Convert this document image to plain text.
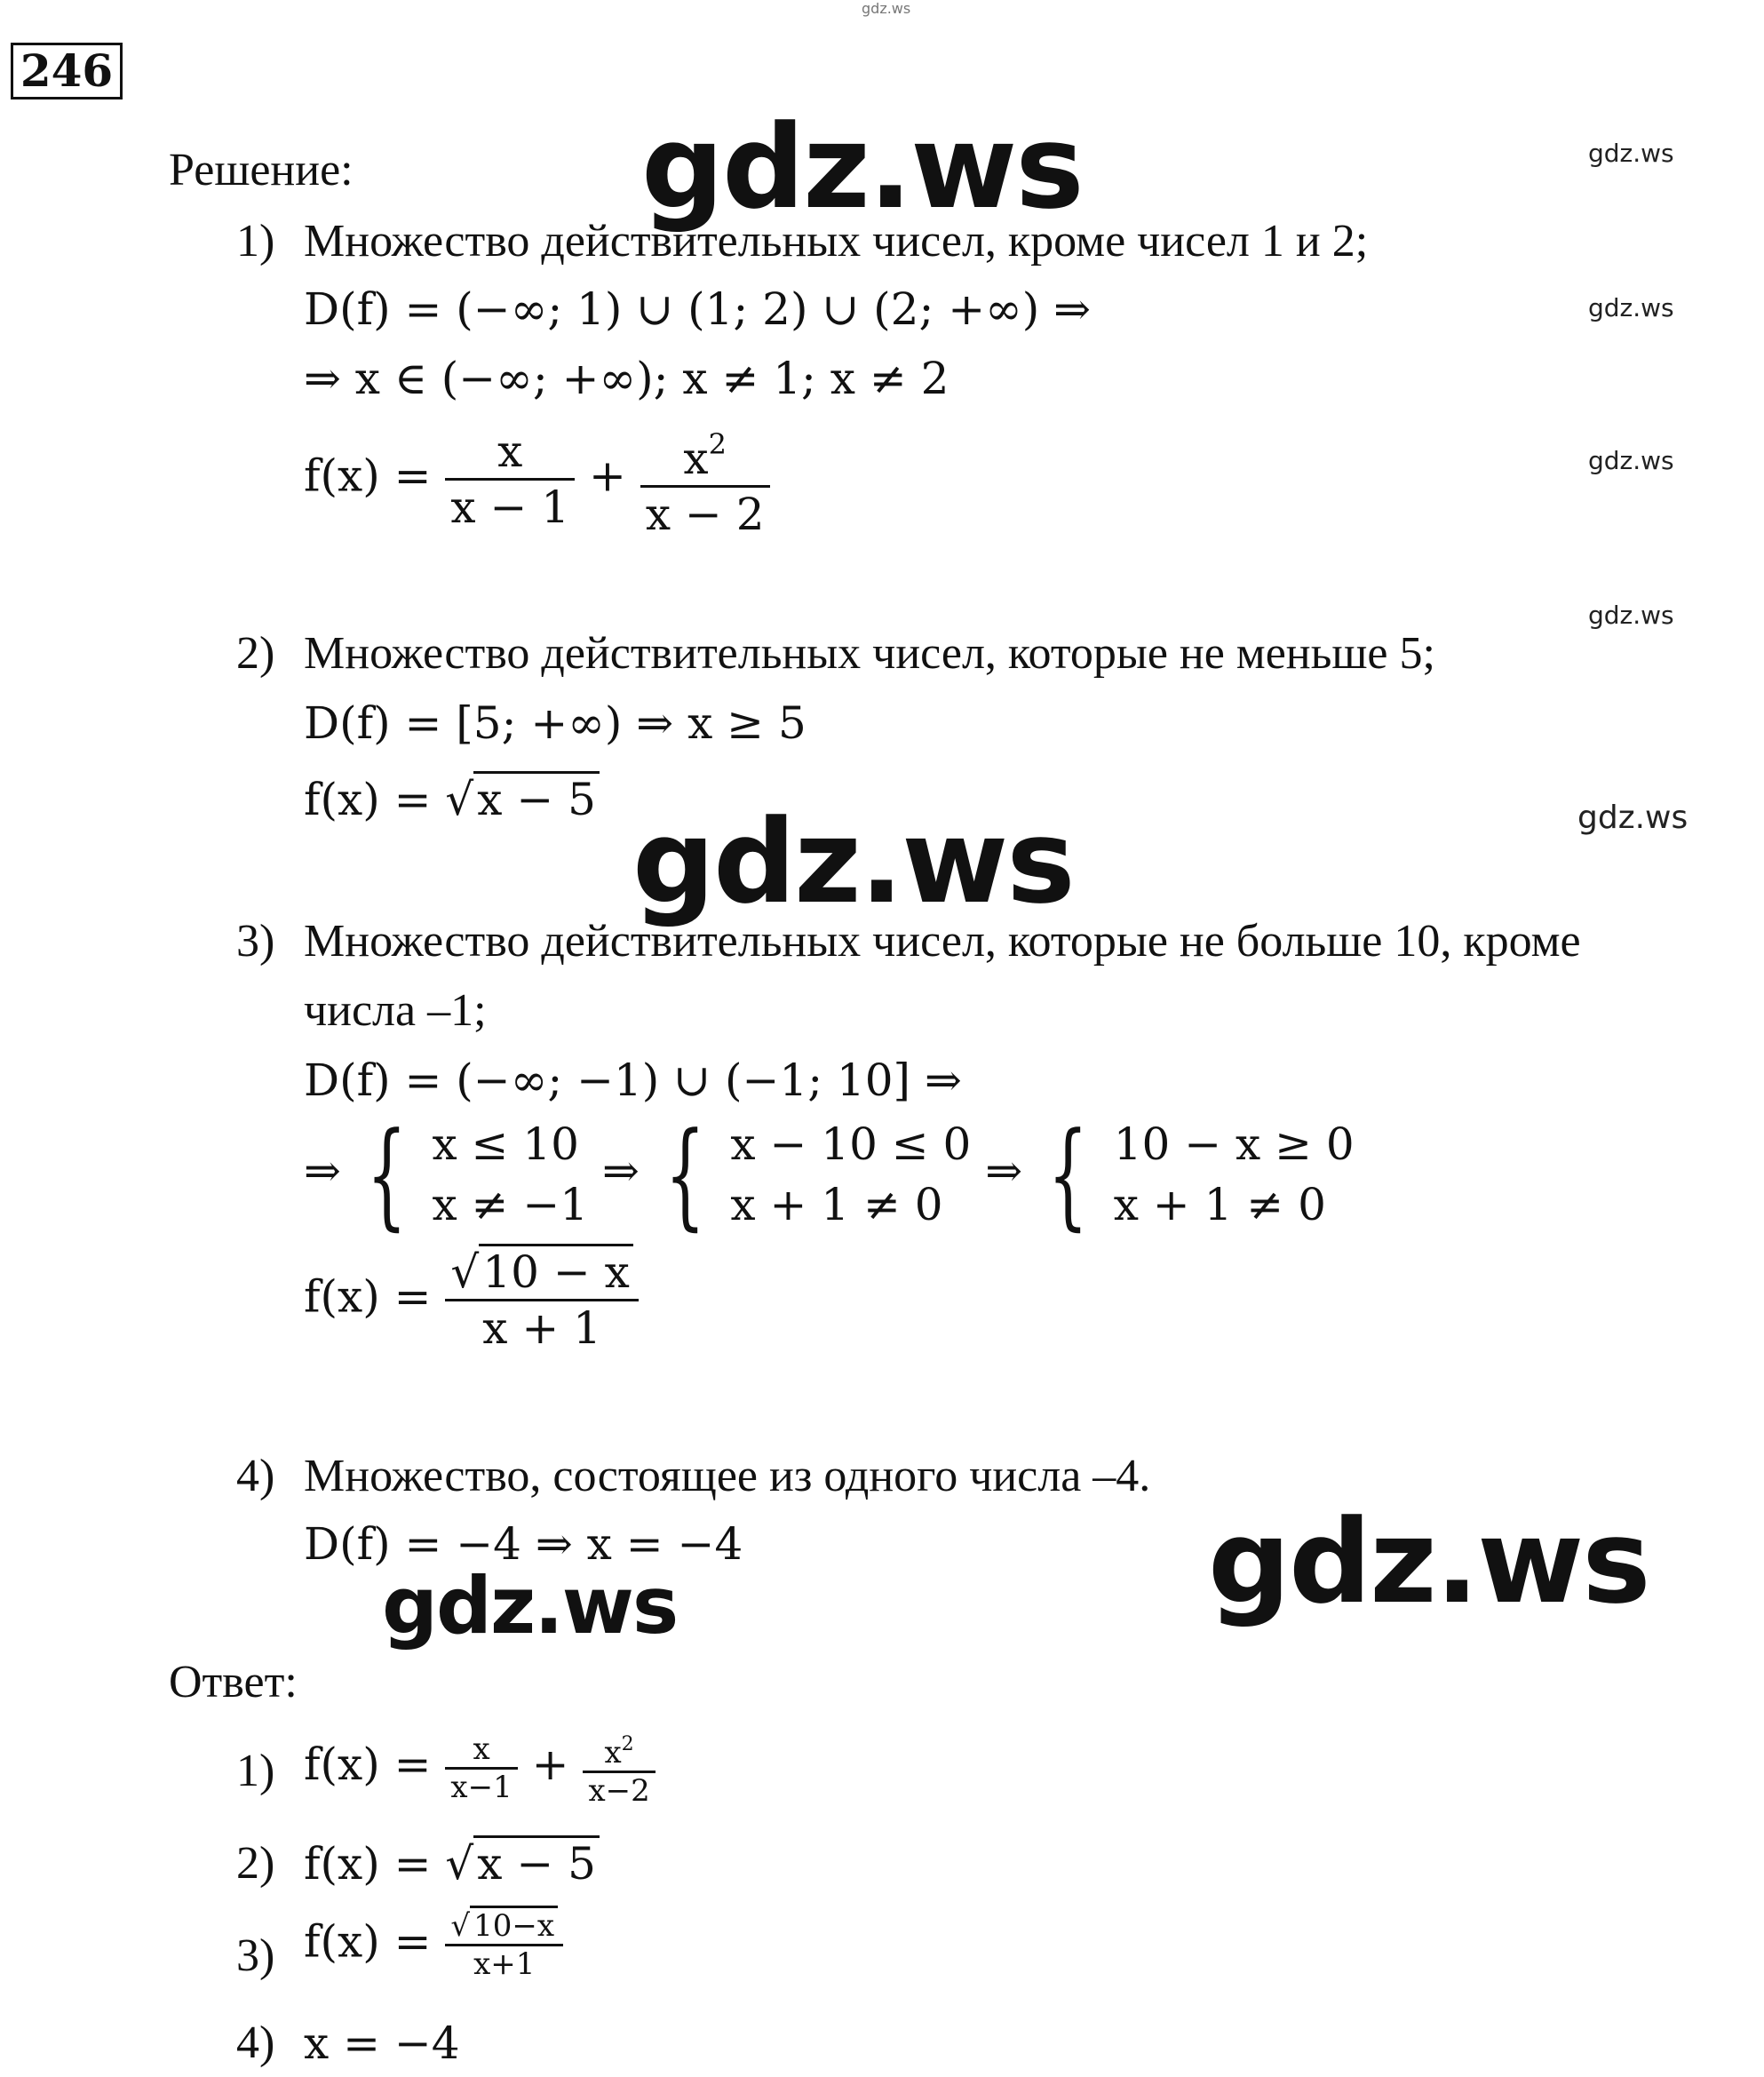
gdz.ws
246
Решение: gdz.ws
gdz.ws
gdz.ws
gdz.ws
gdz.ws
gdz.ws
gdz.ws
gdz.ws
gdz.ws
1) Множество действительных чисел, кроме чисел 1 и 2;
D(f) = (−∞; 1) ∪ (1; 2) ∪ (2; +∞) ⇒
⇒ x ∈ (−∞; +∞); x ≠ 1; x ≠ 2
$f(x) = \frac{x}{x - 1} + \frac{x^2}{x - 2}$
2) Множество действительных чисел, которые не меньше 5;
D(f) = [5; +∞) ⇒ x ≥ 5
f(x) = √x − 5
3) Множество действительных чисел, которые не больше 10, кроме
числа –1;
D(f) = (−∞; −1) ∪ (−1; 10] ⇒
⇒ { x ≤ 10
x ≠ −1
⇒ { x − 10 ≤ 0
x + 1 ≠ 0
⇒ { 10 − x ≥ 0
x + 1 ≠ 0
$f(x) = \frac{√10 - x}{x + 1}$
4) Множество, состоящее из одного числа –4.
D(f) = −4 ⇒ x = −4
Ответ:
1) $f(x) = \frac{x}{x-1} + \frac{x^2}{x-2}$
2) f(x) = √x − 5
3) $f(x) = \frac{√ 10-x}{x+1}$
4) x = −4
